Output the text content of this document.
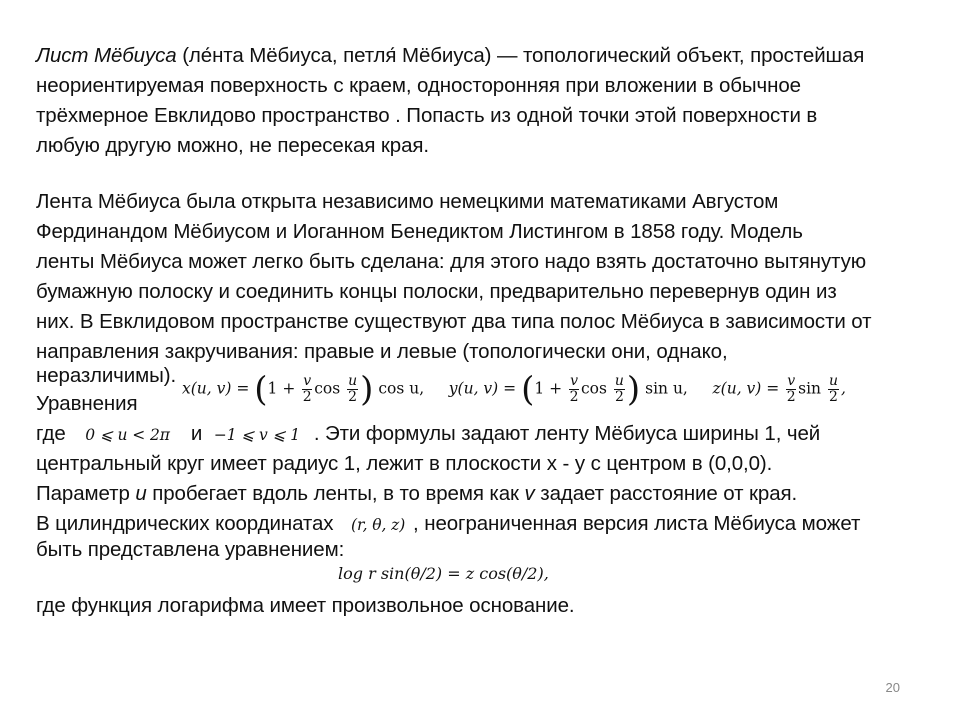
Лист Мёбиуса (ле́нта Мёбиуса, петля́ Мёбиуса) — топологический объект, простейшая
неориентируемая поверхность с краем, односторонняя при вложении в обычное
трёхмерное Евклидово пространство . Попасть из одной точки этой поверхности в
любую другую можно, не пересекая края.
Лента Мёбиуса была открыта независимо немецкими математиками Августом
Фердинандом Мёбиусом и Иоганном Бенедиктом Листингом в 1858 году. Модель
ленты Мёбиуса может легко быть сделана: для этого надо взять достаточно вытянутую
бумажную полоску и соединить концы полоски, предварительно перевернув один из
них. В Евклидовом пространстве существуют два типа полос Мёбиуса в зависимости от
направления закручивания: правые и левые (топологически они, однако,
неразличимы).
Уравнения
x(u, $v) = (1 + \frac{v}{2}$ $\cos \frac{u}{2}$ ) cos u, y(u, $v) = (1 + \frac{v}{2}$ $\cos \frac{u}{2}$ ) sin u, z(u, $v) = \frac{v}{2}$ $\sin \frac{u}{2}$ ,
где 0 ⩽ u < 2π и −1 ⩽ v ⩽ 1 . Эти формулы задают ленту Мёбиуса ширины 1, чей
центральный круг имеет радиус 1, лежит в плоскости x - y с центром в (0,0,0).
Параметр u пробегает вдоль ленты, в то время как v задает расстояние от края.
В цилиндрических координатах (r, θ, z) , неограниченная версия листа Мёбиуса может
быть представлена уравнением:
log r sin(θ/2) = z cos(θ/2),
где функция логарифма имеет произвольное основание.
20
